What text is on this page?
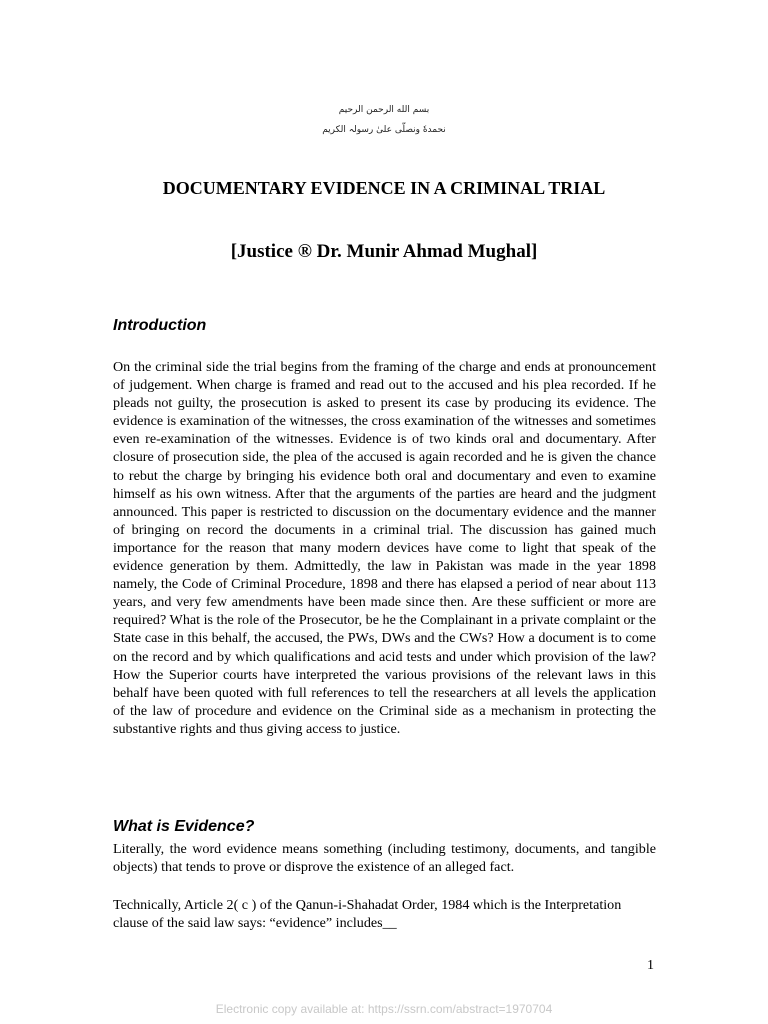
بسم الله الرحمن الرحيم

نحمدهٗ ونصلّی علیٰ رسولہ الکریم

DOCUMENTARY EVIDENCE IN A CRIMINAL TRIAL
[Justice ® Dr. Munir Ahmad Mughal]
Introduction

On the criminal side the trial begins from the framing of the charge and ends at pronouncement of judgement. When charge is framed and read out to the accused and his plea recorded. If he pleads not guilty, the prosecution is asked to present its case by producing its evidence. The evidence is examination of the witnesses, the cross examination of the witnesses and sometimes even re-examination of the witnesses. Evidence is of two kinds oral and documentary. After closure of prosecution side, the plea of the accused is again recorded and he is given the chance to rebut the charge by bringing his evidence both oral and documentary and even to examine himself as his own witness. After that the arguments of the parties are heard and the judgment announced. This paper is restricted to discussion on the documentary evidence and the manner of bringing on record the documents in a criminal trial. The discussion has gained much importance for the reason that many modern devices have come to light that speak of the evidence generation by them. Admittedly, the law in Pakistan was made in the year 1898 namely, the Code of Criminal Procedure, 1898 and there has elapsed a period of near about 113 years, and very few amendments have been made since then. Are these sufficient or more are required? What is the role of the Prosecutor, be he the Complainant in a private complaint or the State case in this behalf, the accused, the PWs, DWs and the CWs? How a document is to come on the record and by which qualifications and acid tests and under which provision of the law? How the Superior courts have interpreted the various provisions of the relevant laws in this behalf have been quoted with full references to tell the researchers at all levels the application of the law of procedure and evidence on the Criminal side as a mechanism in protecting the substantive rights and thus giving access to justice.

What is Evidence?

Literally, the word evidence means something (including testimony, documents, and tangible objects) that tends to prove or disprove the existence of an alleged fact.

Technically, Article 2( c ) of the Qanun-i-Shahadat Order, 1984 which is the Interpretation clause of the said law says: “evidence” includes__

1

Electronic copy available at: https://ssrn.com/abstract=1970704
